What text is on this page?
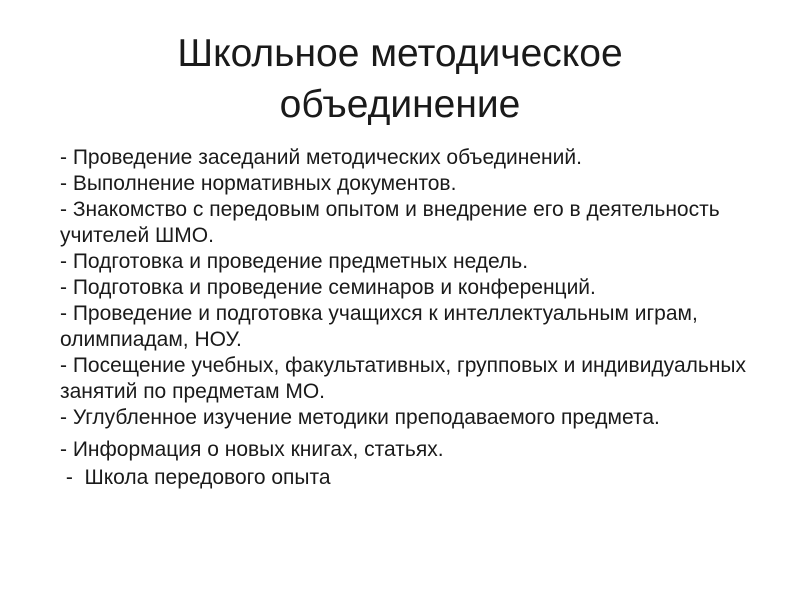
Школьное методическое
объединение
- Проведение заседаний методических объединений.
- Выполнение нормативных документов.
- Знакомство с передовым опытом и внедрение его в деятельность учителей ШМО.
- Подготовка и проведение предметных недель.
- Подготовка и проведение семинаров и конференций.
- Проведение и подготовка учащихся к интеллектуальным играм, олимпиадам, НОУ.
- Посещение учебных, факультативных, групповых и индивидуальных занятий по предметам МО.
- Углубленное изучение методики преподаваемого предмета.
- Информация о новых книгах, статьях.
-  Школа передового опыта
